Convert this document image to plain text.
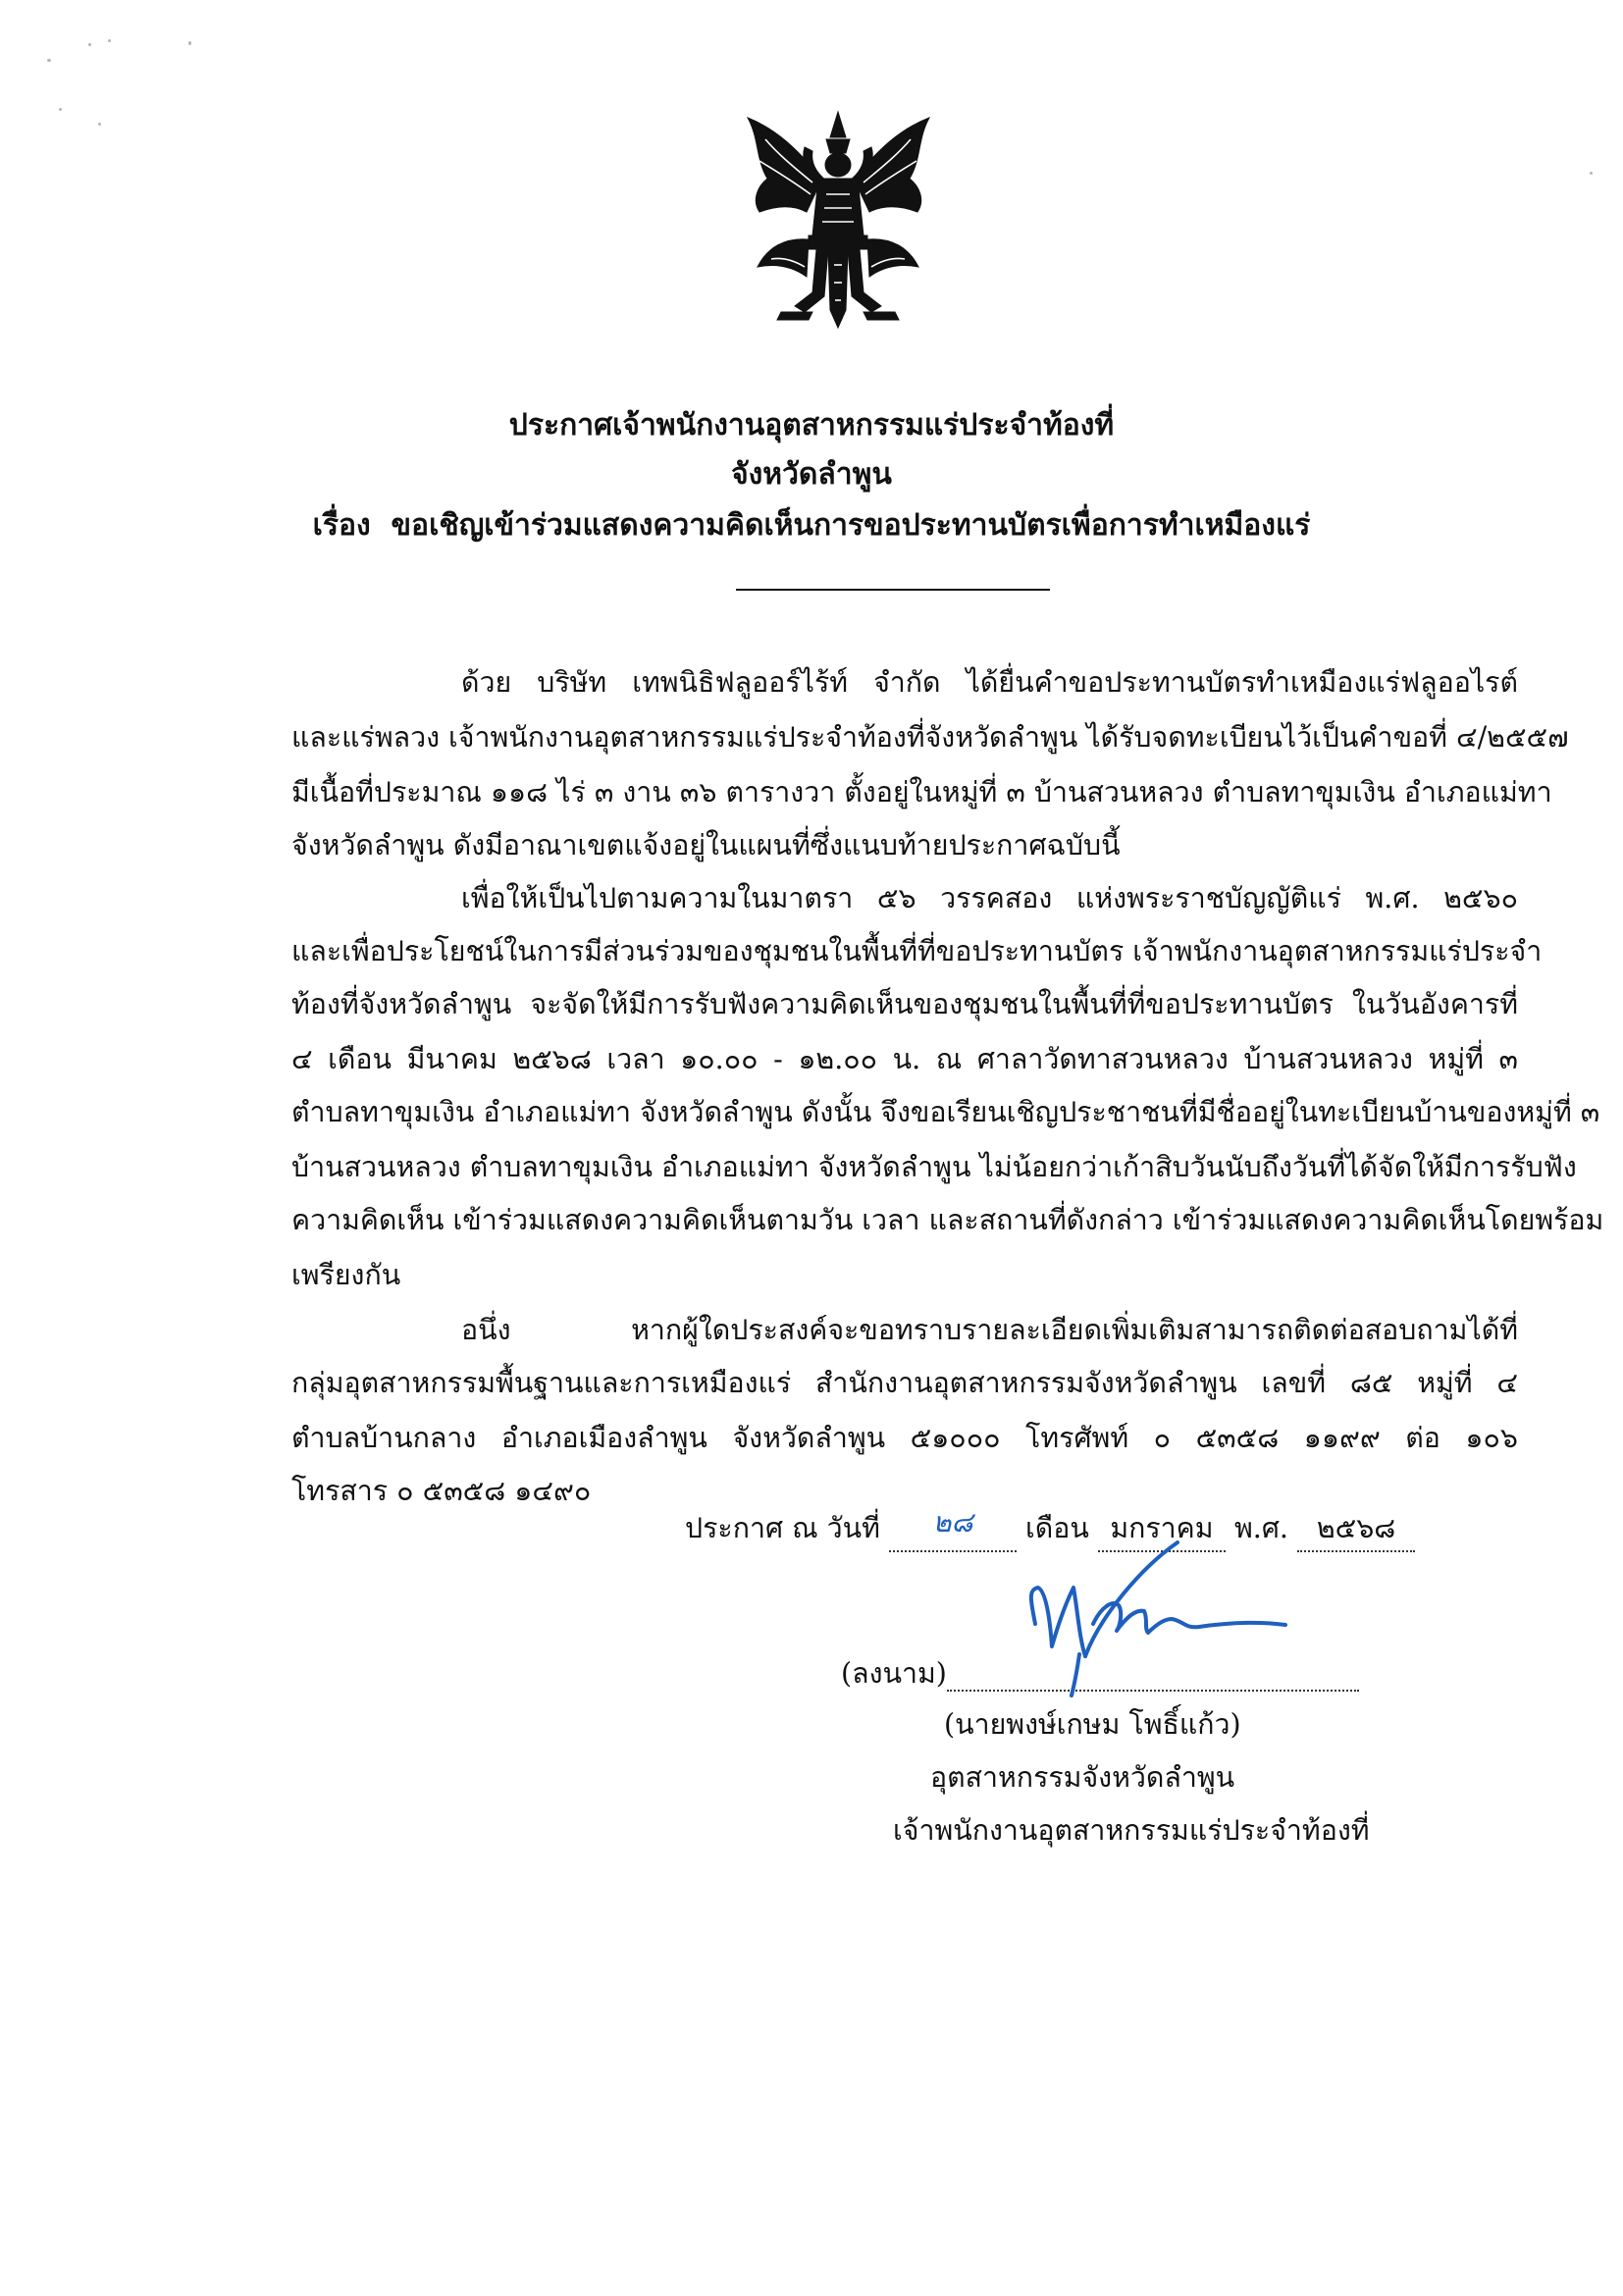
ประกาศเจ้าพนักงานอุตสาหกรรมแร่ประจำท้องที่
จังหวัดลำพูน
เรื่อง ขอเชิญเข้าร่วมแสดงความคิดเห็นการขอประทานบัตรเพื่อการทำเหมืองแร่
ด้วย บริษัท เทพนิธิฟลูออร์ไร้ท์ จำกัด ได้ยื่นคำขอประทานบัตรทำเหมืองแร่ฟลูออไรต์
และแร่พลวง เจ้าพนักงานอุตสาหกรรมแร่ประจำท้องที่จังหวัดลำพูน ได้รับจดทะเบียนไว้เป็นคำขอที่ ๔/๒๕๕๗
มีเนื้อที่ประมาณ ๑๑๘ ไร่ ๓ งาน ๓๖ ตารางวา ตั้งอยู่ในหมู่ที่ ๓ บ้านสวนหลวง ตำบลทาขุมเงิน อำเภอแม่ทา
จังหวัดลำพูน ดังมีอาณาเขตแจ้งอยู่ในแผนที่ซึ่งแนบท้ายประกาศฉบับนี้
เพื่อให้เป็นไปตามความในมาตรา ๕๖ วรรคสอง แห่งพระราชบัญญัติแร่ พ.ศ. ๒๕๖๐
และเพื่อประโยชน์ในการมีส่วนร่วมของชุมชนในพื้นที่ที่ขอประทานบัตร เจ้าพนักงานอุตสาหกรรมแร่ประจำ
ท้องที่จังหวัดลำพูน จะจัดให้มีการรับฟังความคิดเห็นของชุมชนในพื้นที่ที่ขอประทานบัตร ในวันอังคารที่
๔ เดือน มีนาคม ๒๕๖๘ เวลา ๑๐.๐๐ - ๑๒.๐๐ น. ณ ศาลาวัดทาสวนหลวง บ้านสวนหลวง หมู่ที่ ๓
ตำบลทาขุมเงิน อำเภอแม่ทา จังหวัดลำพูน ดังนั้น จึงขอเรียนเชิญประชาชนที่มีชื่ออยู่ในทะเบียนบ้านของหมู่ที่ ๓
บ้านสวนหลวง ตำบลทาขุมเงิน อำเภอแม่ทา จังหวัดลำพูน ไม่น้อยกว่าเก้าสิบวันนับถึงวันที่ได้จัดให้มีการรับฟัง
ความคิดเห็น เข้าร่วมแสดงความคิดเห็นตามวัน เวลา และสถานที่ดังกล่าว เข้าร่วมแสดงความคิดเห็นโดยพร้อม
เพรียงกัน
อนึ่ง หากผู้ใดประสงค์จะขอทราบรายละเอียดเพิ่มเติมสามารถติดต่อสอบถามได้ที่
กลุ่มอุตสาหกรรมพื้นฐานและการเหมืองแร่ สำนักงานอุตสาหกรรมจังหวัดลำพูน เลขที่ ๘๕ หมู่ที่ ๔
ตำบลบ้านกลาง อำเภอเมืองลำพูน จังหวัดลำพูน ๕๑๐๐๐ โทรศัพท์ ๐ ๕๓๕๘ ๑๑๙๙ ต่อ ๑๐๖
โทรสาร ๐ ๕๓๕๘ ๑๔๙๐
ประกาศ ณ วันที่ ๒๘ เดือน มกราคม พ.ศ. ๒๕๖๘
(ลงนาม)
(นายพงษ์เกษม โพธิ์แก้ว)
อุตสาหกรรมจังหวัดลำพูน
เจ้าพนักงานอุตสาหกรรมแร่ประจำท้องที่
